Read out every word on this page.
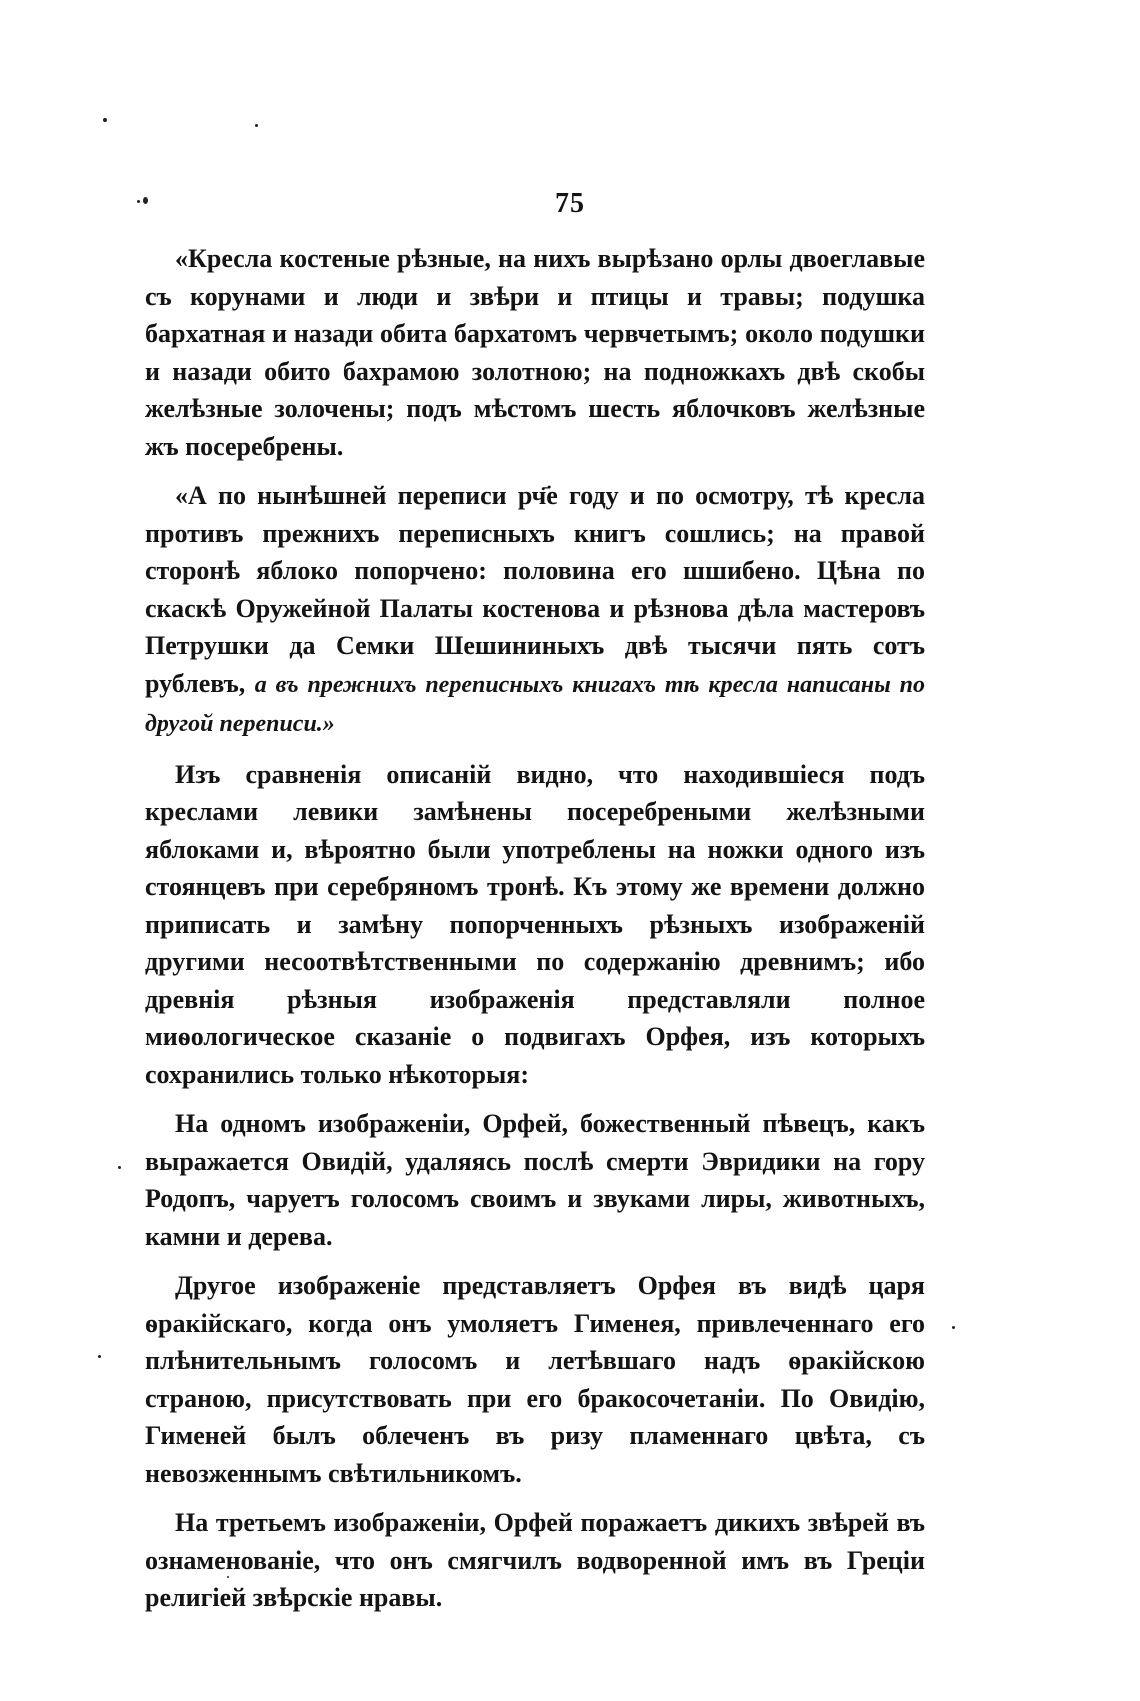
75

«Кресла костеные рѣзные, на нихъ вырѣзано орлы двоеглавые съ корунами и люди и звѣри и птицы и травы; подушка бархатная и назади обита бархатомъ червчетымъ; около подушки и назади обито бахрамою золотною; на подножкахъ двѣ скобы желѣзные золочены; подъ мѣстомъ шесть яблочковъ желѣзные жъ посеребрены.

«А по нынѣшней переписи рч҃е году и по осмотру, тѣ кресла противъ прежнихъ переписныхъ книгъ сошлись; на правой сторонѣ яблоко попорчено: половина его шшибено. Цѣна по скаскѣ Оружейной Палаты костенова и рѣзнова дѣла мастеровъ Петрушки да Семки Шешининыхъ двѣ тысячи пять сотъ рублевъ, а въ прежнихъ переписныхъ книгахъ тѣ кресла написаны по другой переписи.»

Изъ сравненія описаній видно, что находившіеся подъ креслами левики замѣнены посеребреными желѣзными яблоками и, вѣроятно были употреблены на ножки одного изъ стоянцевъ при серебряномъ тронѣ. Къ этому же времени должно приписать и замѣну попорченныхъ рѣзныхъ изображеній другими несоотвѣтственными по содержанію древнимъ; ибо древнія рѣзныя изображенія представляли полное миѳологическое сказаніе о подвигахъ Орфея, изъ которыхъ сохранились только нѣкоторыя:

На одномъ изображеніи, Орфей, божественный пѣвецъ, какъ выражается Овидій, удаляясь послѣ смерти Эвридики на гору Родопъ, чаруетъ голосомъ своимъ и звуками лиры, животныхъ, камни и дерева.

Другое изображеніе представляетъ Орфея въ видѣ царя ѳракійскаго, когда онъ умоляетъ Гименея, привлеченнаго его плѣнительнымъ голосомъ и летѣвшаго надъ ѳракійскою страною, присутствовать при его бракосочетаніи. По Овидію, Гименей былъ облеченъ въ ризу пламеннаго цвѣта, съ невозженнымъ свѣтильникомъ.

На третьемъ изображеніи, Орфей поражаетъ дикихъ звѣрей въ ознаменованіе, что онъ смягчилъ водворенной имъ въ Греціи религіей звѣрскіе нравы.
